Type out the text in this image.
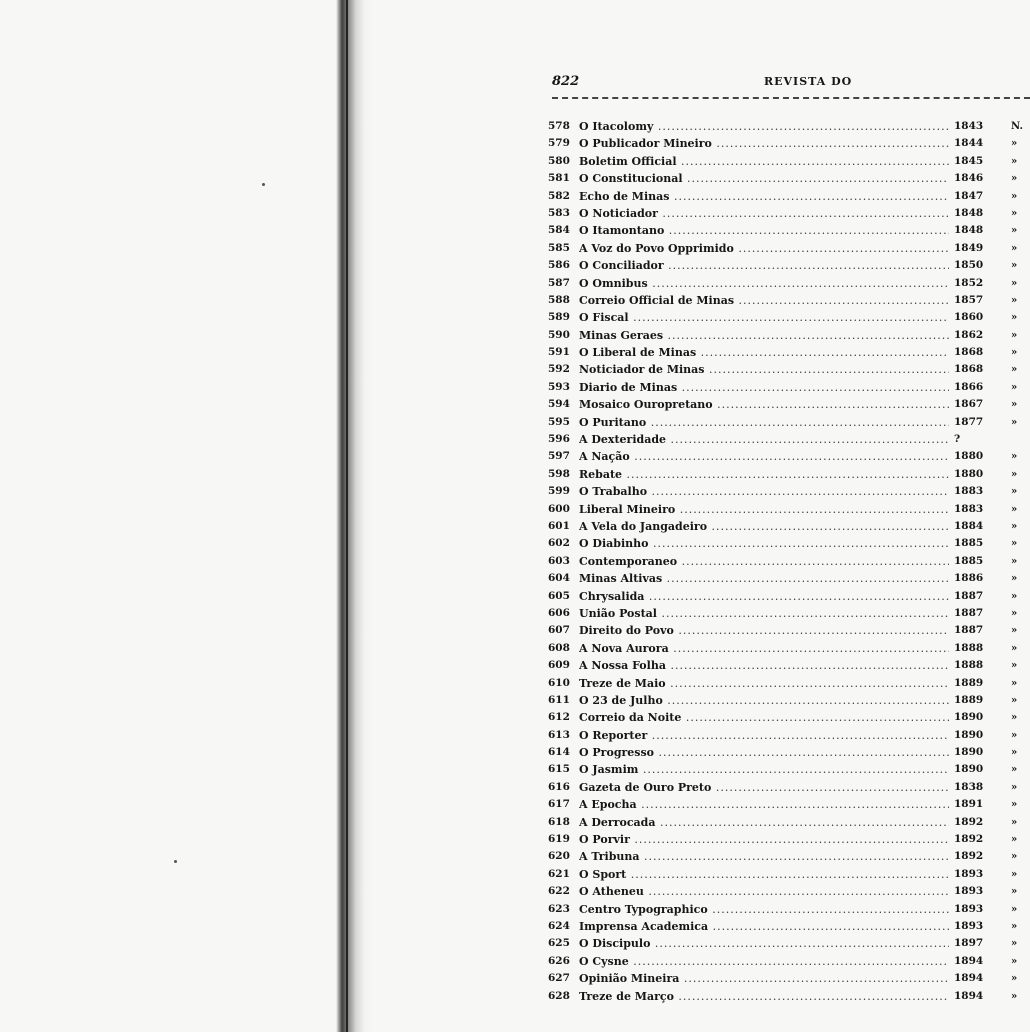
822	REVISTA DO
578 O Itacolomy .....	1843	N.
579 O Publicador Mineiro .....	1844	»
580 Boletim Official .....	1845	»
581 O Constitucional .....	1846	»
582 Echo de Minas .....	1847	»
583 O Noticiador .....	1848	»
584 O Itamontano .....	1848	»
585 A Voz do Povo Opprimido .....	1849	»
586 O Conciliador .....	1850	»
587 O Omnibus .....	1852	»
588 Correio Official de Minas .....	1857	»
589 O Fiscal .....	1860	»
590 Minas Geraes .....	1862	»
591 O Liberal de Minas .....	1868	»
592 Noticiador de Minas .....	1868	»
593 Diario de Minas .....	1866	»
594 Mosaico Ouropretano .....	1867	»
595 O Puritano .....	1877	»
596 A Dexteridade .....	?
597 A Nação .....	1880	»
598 Rebate .....	1880	»
599 O Trabalho .....	1883	»
600 Liberal Mineiro .....	1883	»
601 A Vela do Jangadeiro .....	1884	»
602 O Diabinho .....	1885	»
603 Contemporaneo .....	1885	»
604 Minas Altivas .....	1886	»
605 Chrysalida .....	1887	»
606 União Postal .....	1887	»
607 Direito do Povo .....	1887	»
608 A Nova Aurora .....	1888	»
609 A Nossa Folha .....	1888	»
610 Treze de Maio .....	1889	»
611 O 23 de Julho .....	1889	»
612 Correio da Noite .....	1890	»
613 O Reporter .....	1890	»
614 O Progresso .....	1890	»
615 O Jasmim .....	1890	»
616 Gazeta de Ouro Preto .....	1838	»
617 A Epocha .....	1891	»
618 A Derrocada .....	1892	»
619 O Porvir .....	1892	»
620 A Tribuna .....	1892	»
621 O Sport .....	1893	»
622 O Atheneu .....	1893	»
623 Centro Typographico .....	1893	»
624 Imprensa Academica .....	1893	»
625 O Discipulo .....	1897	»
626 O Cysne .....	1894	»
627 Opinião Mineira .....	1894	»
628 Treze de Março .....	1894	»
